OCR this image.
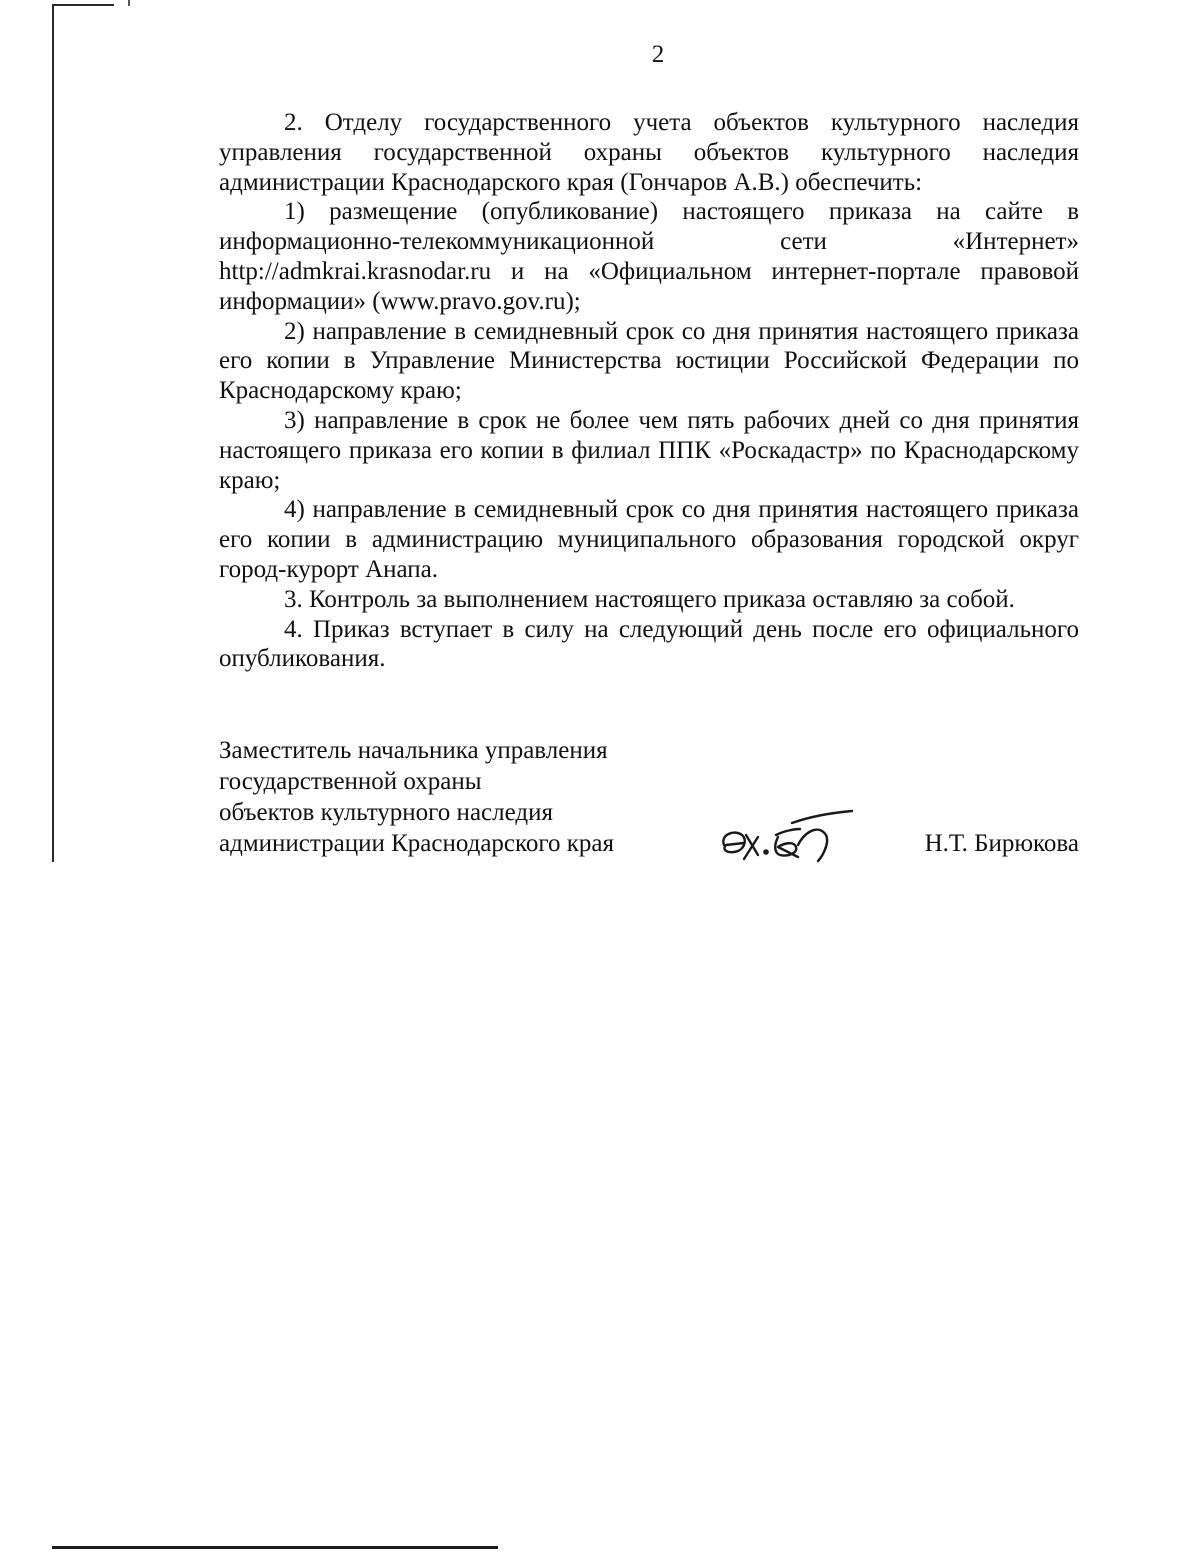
2

2. Отделу государственного учета объектов культурного наследия управления государственной охраны объектов культурного наследия администрации Краснодарского края (Гончаров А.В.) обеспечить:

1) размещение (опубликование) настоящего приказа на сайте в информационно-телекоммуникационной сети «Интернет» http://admkrai.krasnodar.ru и на «Официальном интернет-портале правовой информации» (www.pravo.gov.ru);

2) направление в семидневный срок со дня принятия настоящего приказа его копии в Управление Министерства юстиции Российской Федерации по Краснодарскому краю;

3) направление в срок не более чем пять рабочих дней со дня принятия настоящего приказа его копии в филиал ППК «Роскадастр» по Краснодарскому краю;

4) направление в семидневный срок со дня принятия настоящего приказа его копии в администрацию муниципального образования городской округ город-курорт Анапа.

3. Контроль за выполнением настоящего приказа оставляю за собой.

4. Приказ вступает в силу на следующий день после его официального опубликования.

Заместитель начальника управления
государственной охраны
объектов культурного наследия
администрации Краснодарского края	Н.Т. Бирюкова
